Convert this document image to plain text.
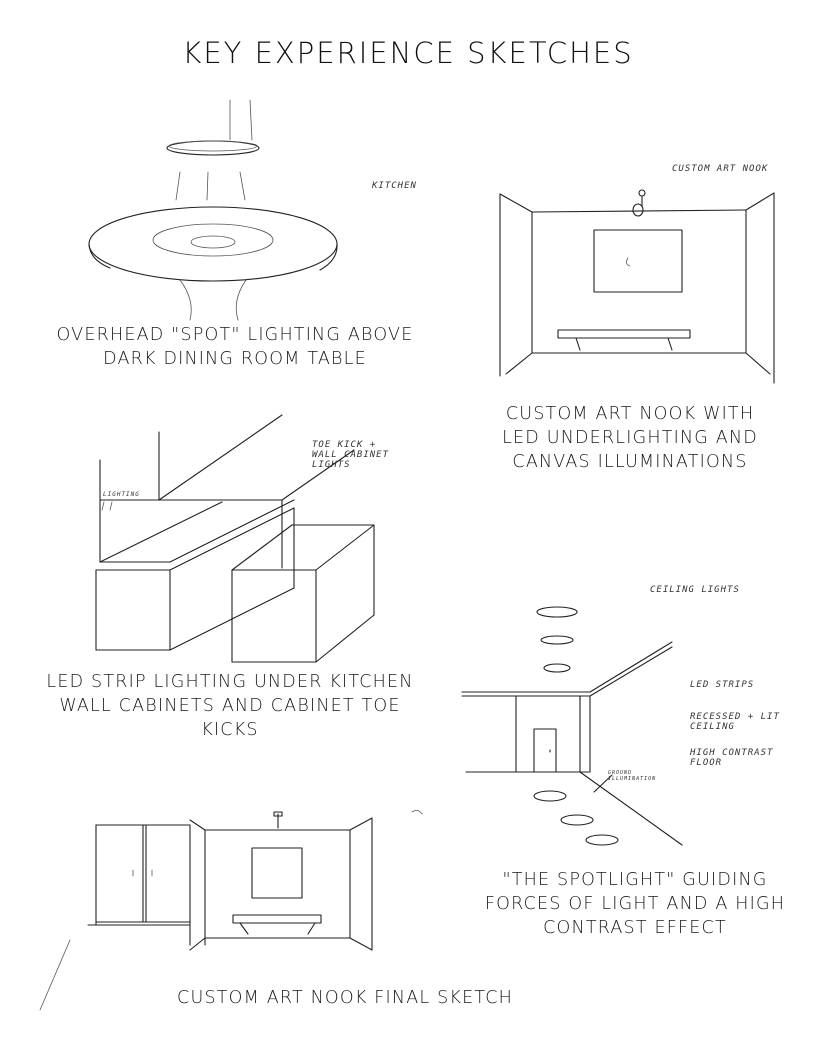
KEY EXPERIENCE SKETCHES
KITCHEN
OVERHEAD "SPOT" LIGHTING ABOVE
DARK DINING ROOM TABLE
CUSTOM ART NOOK
CUSTOM ART NOOK WITH
LED UNDERLIGHTING AND
CANVAS ILLUMINATIONS
TOE KICK +
WALL CABINET
LIGHTS
LIGHTING
LED STRIP LIGHTING UNDER KITCHEN
WALL CABINETS AND CABINET TOE
KICKS
CEILING LIGHTS
LED STRIPS
RECESSED + LIT
CEILING
HIGH CONTRAST
FLOOR
GROUND
ILLUMINATION
"THE SPOTLIGHT" GUIDING
FORCES OF LIGHT AND A HIGH
CONTRAST EFFECT
CUSTOM ART NOOK FINAL SKETCH
